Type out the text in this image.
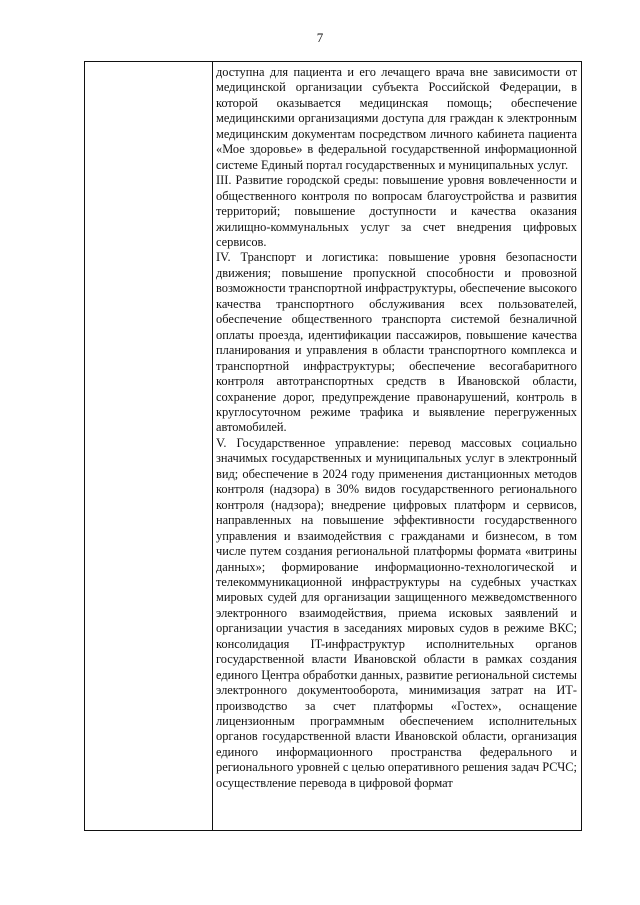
7

доступна для пациента и его лечащего врача вне зависимости от медицинской организации субъекта Российской Федерации, в которой оказывается медицинская помощь; обеспечение медицинскими организациями доступа для граждан к электронным медицинским документам посредством личного кабинета пациента «Мое здоровье» в федеральной государственной информационной системе Единый портал государственных и муниципальных услуг.

III. Развитие городской среды: повышение уровня вовлеченности и общественного контроля по вопросам благоустройства и развития территорий; повышение доступности и качества оказания жилищно-коммунальных услуг за счет внедрения цифровых сервисов.

IV. Транспорт и логистика: повышение уровня безопасности движения; повышение пропускной способности и провозной возможности транспортной инфраструктуры, обеспечение высокого качества транспортного обслуживания всех пользователей, обеспечение общественного транспорта системой безналичной оплаты проезда, идентификации пассажиров, повышение качества планирования и управления в области транспортного комплекса и транспортной инфраструктуры; обеспечение весогабаритного контроля автотранспортных средств в Ивановской области, сохранение дорог, предупреждение правонарушений, контроль в круглосуточном режиме трафика и выявление перегруженных автомобилей.

V. Государственное управление: перевод массовых социально значимых государственных и муниципальных услуг в электронный вид; обеспечение в 2024 году применения дистанционных методов контроля (надзора) в 30% видов государственного регионального контроля (надзора); внедрение цифровых платформ и сервисов, направленных на повышение эффективности государственного управления и взаимодействия с гражданами и бизнесом, в том числе путем создания региональной платформы формата «витрины данных»; формирование информационно-технологической и телекоммуникационной инфраструктуры на судебных участках мировых судей для организации защищенного межведомственного электронного взаимодействия, приема исковых заявлений и организации участия в заседаниях мировых судов в режиме ВКС; консолидация IT-инфраструктур исполнительных органов государственной власти Ивановской области в рамках создания единого Центра обработки данных, развитие региональной системы электронного документооборота, минимизация затрат на ИТ-производство за счет платформы «Гостех», оснащение лицензионным программным обеспечением исполнительных органов государственной власти Ивановской области, организация единого информационного пространства федерального и регионального уровней с целью оперативного решения задач РСЧС; осуществление перевода в цифровой формат
